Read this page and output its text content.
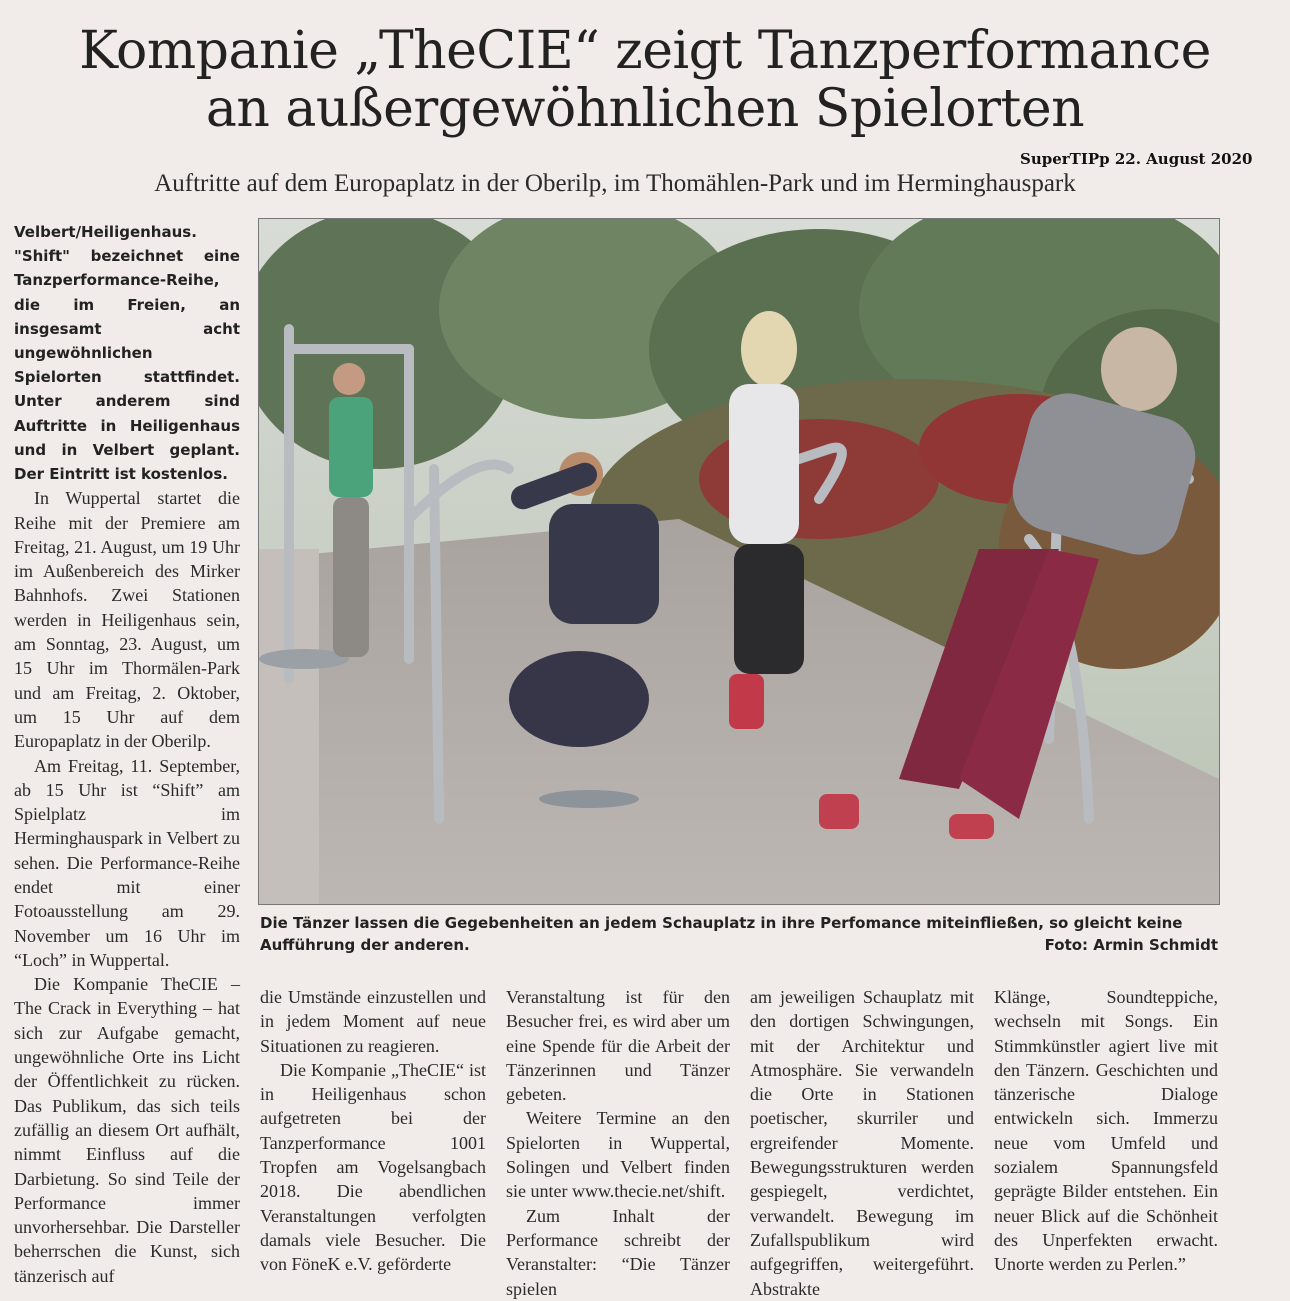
Kompanie „TheCIE“ zeigt Tanzperformance
an außergewöhnlichen Spielorten
SuperTIPp 22. August 2020
Auftritte auf dem Europaplatz in der Oberilp, im Thomählen-Park und im Herminghauspark

Velbert/Heiligenhaus. "Shift" bezeichnet eine Tanzperformance-Reihe, die im Freien, an insgesamt acht ungewöhnlichen Spielorten stattfindet. Unter anderem sind Auftritte in Heiligenhaus und in Velbert geplant. Der Eintritt ist kostenlos.

In Wuppertal startet die Reihe mit der Premiere am Freitag, 21. August, um 19 Uhr im Außenbereich des Mirker Bahnhofs. Zwei Stationen werden in Heiligenhaus sein, am Sonntag, 23. August, um 15 Uhr im Thormälen-Park und am Freitag, 2. Oktober, um 15 Uhr auf dem Europaplatz in der Oberilp.

Am Freitag, 11. September, ab 15 Uhr ist “Shift” am Spielplatz im Herminghauspark in Velbert zu sehen. Die Performance-Reihe endet mit einer Fotoausstellung am 29. November um 16 Uhr im “Loch” in Wuppertal.

Die Kompanie TheCIE – The Crack in Everything – hat sich zur Aufgabe gemacht, ungewöhnliche Orte ins Licht der Öffentlichkeit zu rücken. Das Publikum, das sich teils zufällig an diesem Ort aufhält, nimmt Einfluss auf die Darbietung. So sind Teile der Performance immer unvorhersehbar. Die Darsteller beherrschen die Kunst, sich tänzerisch auf

Die Tänzer lassen die Gegebenheiten an jedem Schauplatz in ihre Perfomance miteinfließen, so gleicht keine Aufführung der anderen.	Foto: Armin Schmidt

die Umstände einzustellen und in jedem Moment auf neue Situationen zu reagieren.

Die Kompanie „TheCIE“ ist in Heiligenhaus schon aufgetreten bei der Tanzperformance 1001 Tropfen am Vogelsangbach 2018. Die abendlichen Veranstaltungen verfolgten damals viele Besucher. Die von FöneK e.V. geförderte

Veranstaltung ist für den Besucher frei, es wird aber um eine Spende für die Arbeit der Tänzerinnen und Tänzer gebeten.

Weitere Termine an den Spielorten in Wuppertal, Solingen und Velbert finden sie unter www.thecie.net/shift.

Zum Inhalt der Performance schreibt der Veranstalter: “Die Tänzer spielen

am jeweiligen Schauplatz mit den dortigen Schwingungen, mit der Architektur und Atmosphäre. Sie verwandeln die Orte in Stationen poetischer, skurriler und ergreifender Momente. Bewegungsstrukturen werden gespiegelt, verdichtet, verwandelt. Bewegung im Zufallspublikum wird aufgegriffen, weitergeführt. Abstrakte

Klänge, Soundteppiche, wechseln mit Songs. Ein Stimmkünstler agiert live mit den Tänzern. Geschichten und tänzerische Dialoge entwickeln sich. Immerzu neue vom Umfeld und sozialem Spannungsfeld geprägte Bilder entstehen. Ein neuer Blick auf die Schönheit des Unperfekten erwacht. Unorte werden zu Perlen.”
